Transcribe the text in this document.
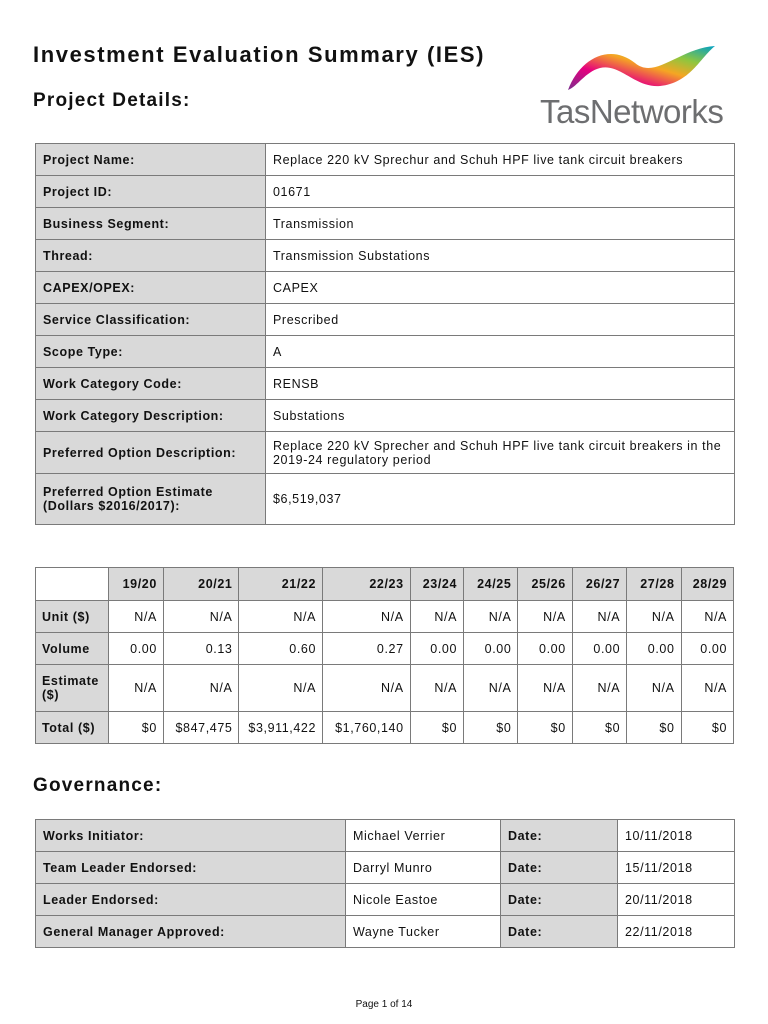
Investment Evaluation Summary (IES)
Project Details:	TasNetworks
Project Name:	Replace 220 kV Sprechur and Schuh HPF live tank circuit breakers
Project ID:	01671
Business Segment:	Transmission
Thread:	Transmission Substations
CAPEX/OPEX:	CAPEX
Service Classification:	Prescribed
Scope Type:	A
Work Category Code:	RENSB
Work Category Description:	Substations
Preferred Option Description:	Replace 220 kV Sprecher and Schuh HPF live tank circuit breakers in the 2019-24 regulatory period
Preferred Option Estimate (Dollars $2016/2017):	$6,519,037
	19/20	20/21	21/22	22/23	23/24	24/25	25/26	26/27	27/28	28/29
Unit ($)	N/A	N/A	N/A	N/A	N/A	N/A	N/A	N/A	N/A	N/A
Volume	0.00	0.13	0.60	0.27	0.00	0.00	0.00	0.00	0.00	0.00
Estimate ($)	N/A	N/A	N/A	N/A	N/A	N/A	N/A	N/A	N/A	N/A
Total ($)	$0	$847,475	$3,911,422	$1,760,140	$0	$0	$0	$0	$0	$0
Governance:
Works Initiator:	Michael Verrier	Date:	10/11/2018
Team Leader Endorsed:	Darryl Munro	Date:	15/11/2018
Leader Endorsed:	Nicole Eastoe	Date:	20/11/2018
General Manager Approved:	Wayne Tucker	Date:	22/11/2018
Page 1 of 14
